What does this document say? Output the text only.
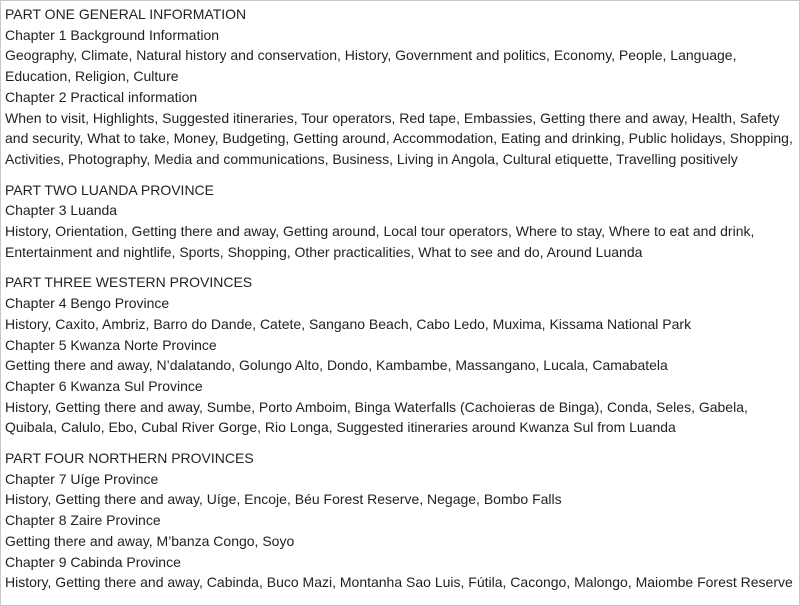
PART ONE GENERAL INFORMATION
Chapter 1 Background Information
Geography, Climate, Natural history and conservation, History, Government and politics, Economy, People, Language, Education, Religion, Culture
Chapter 2 Practical information
When to visit, Highlights, Suggested itineraries, Tour operators, Red tape, Embassies, Getting there and away, Health, Safety and security, What to take, Money, Budgeting, Getting around, Accommodation, Eating and drinking, Public holidays, Shopping, Activities, Photography, Media and communications, Business, Living in Angola, Cultural etiquette, Travelling positively
PART TWO LUANDA PROVINCE
Chapter 3 Luanda
History, Orientation, Getting there and away, Getting around, Local tour operators, Where to stay, Where to eat and drink, Entertainment and nightlife, Sports, Shopping, Other practicalities, What to see and do, Around Luanda
PART THREE WESTERN PROVINCES
Chapter 4 Bengo Province
History, Caxito, Ambriz, Barro do Dande, Catete, Sangano Beach, Cabo Ledo, Muxima, Kissama National Park
Chapter 5 Kwanza Norte Province
Getting there and away, N’dalatando, Golungo Alto, Dondo, Kambambe, Massangano, Lucala, Camabatela
Chapter 6 Kwanza Sul Province
History, Getting there and away, Sumbe, Porto Amboim, Binga Waterfalls (Cachoieras de Binga), Conda, Seles, Gabela, Quibala, Calulo, Ebo, Cubal River Gorge, Rio Longa, Suggested itineraries around Kwanza Sul from Luanda
PART FOUR NORTHERN PROVINCES
Chapter 7 Uíge Province
History, Getting there and away, Uíge, Encoje, Béu Forest Reserve, Negage, Bombo Falls
Chapter 8 Zaire Province
Getting there and away, M’banza Congo, Soyo
Chapter 9 Cabinda Province
History, Getting there and away, Cabinda, Buco Mazi, Montanha Sao Luis, Fútila, Cacongo, Malongo, Maiombe Forest Reserve
